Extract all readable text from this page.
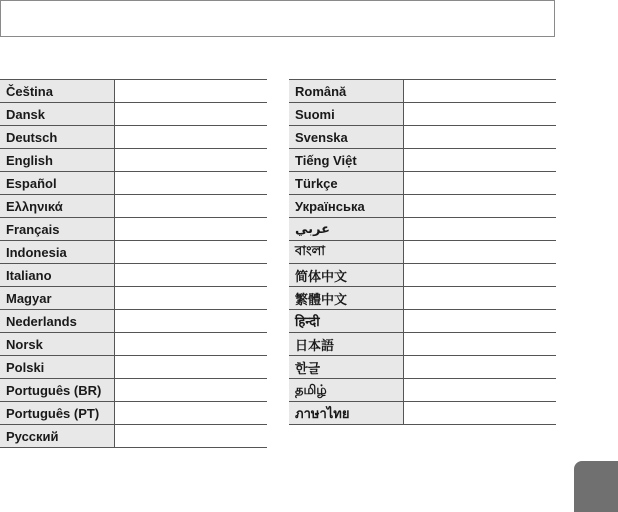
Čeština	
Dansk	
Deutsch	
English	
Español	
Ελληνικά	
Français	
Indonesia	
Italiano	
Magyar	
Nederlands	
Norsk	
Polski	
Português (BR)	
Português (PT)	
Русский	
Română	
Suomi	
Svenska	
Tiếng Việt	
Türkçe	
Українська	
عربي	
বাংলা	
简体中文	
繁體中文	
हिन्दी	
日本語	
한글	
தமிழ்	
ภาษาไทย	
